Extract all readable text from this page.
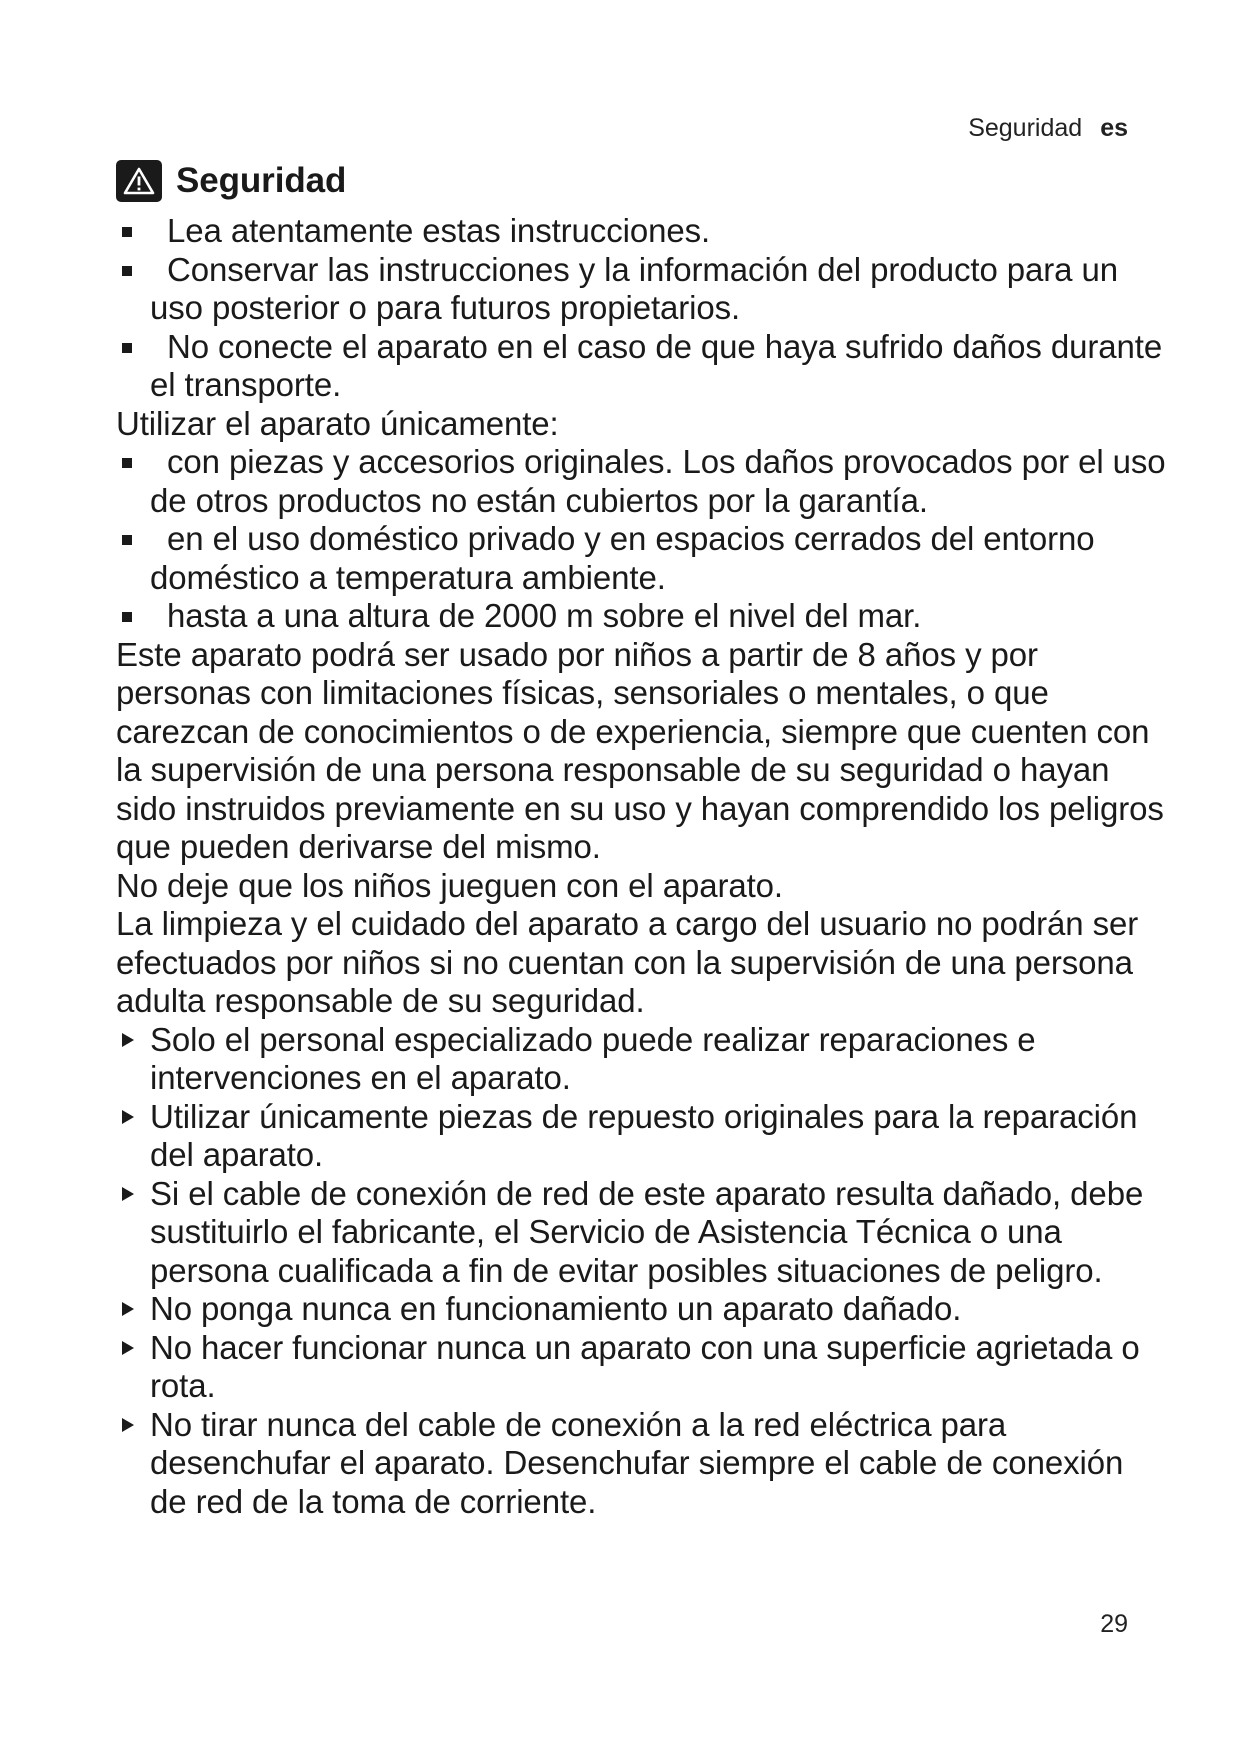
Seguridad es
Seguridad
Lea atentamente estas instrucciones.
Conservar las instrucciones y la información del producto para un uso posterior o para futuros propietarios.
No conecte el aparato en el caso de que haya sufrido daños durante el transporte.

Utilizar el aparato únicamente:

con piezas y accesorios originales. Los daños provocados por el uso de otros productos no están cubiertos por la garantía.
en el uso doméstico privado y en espacios cerrados del entorno doméstico a temperatura ambiente.
hasta a una altura de 2000 m sobre el nivel del mar.

Este aparato podrá ser usado por niños a partir de 8 años y por personas con limitaciones físicas, sensoriales o mentales, o que carezcan de conocimientos o de experiencia, siempre que cuenten con la supervisión de una persona responsable de su seguridad o hayan sido instruidos previamente en su uso y hayan comprendido los peligros que pueden derivarse del mismo.

No deje que los niños jueguen con el aparato.

La limpieza y el cuidado del aparato a cargo del usuario no podrán ser efectuados por niños si no cuentan con la supervisión de una persona adulta responsable de su seguridad.

Solo el personal especializado puede realizar reparaciones e intervenciones en el aparato.
Utilizar únicamente piezas de repuesto originales para la reparación del aparato.
Si el cable de conexión de red de este aparato resulta dañado, debe sustituirlo el fabricante, el Servicio de Asistencia Técnica o una persona cualificada a fin de evitar posibles situaciones de peligro.
No ponga nunca en funcionamiento un aparato dañado.
No hacer funcionar nunca un aparato con una superficie agrietada o rota.
No tirar nunca del cable de conexión a la red eléctrica para desenchufar el aparato. Desenchufar siempre el cable de conexión de red de la toma de corriente.
29
